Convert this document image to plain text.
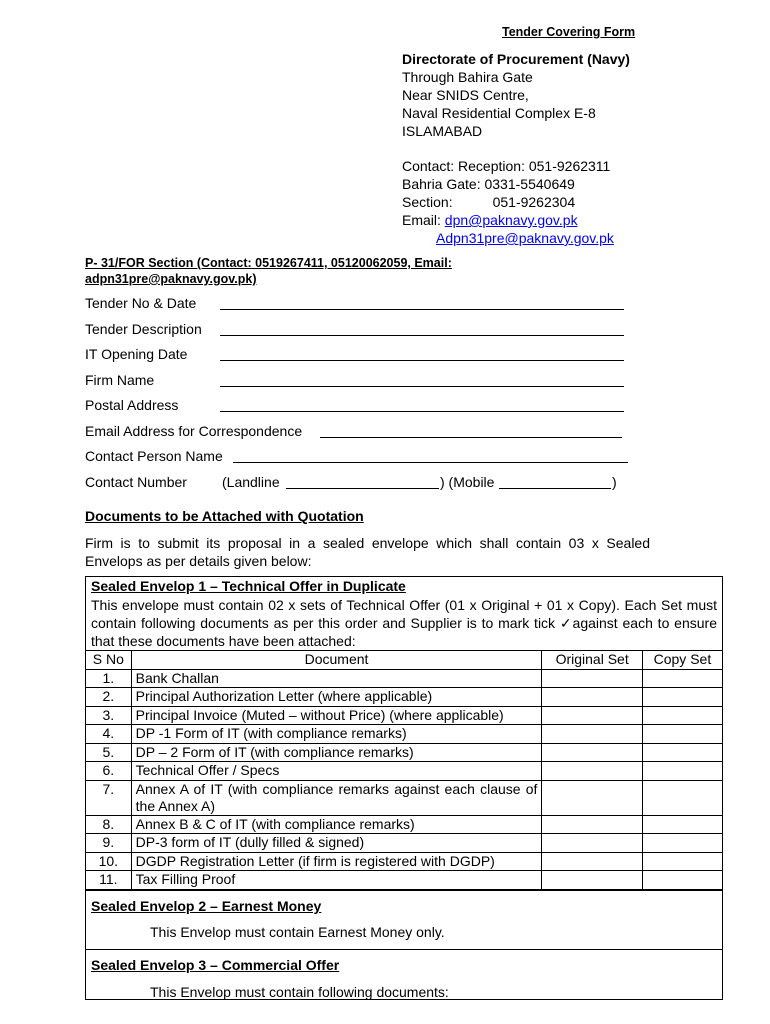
Tender Covering Form
Directorate of Procurement (Navy)
Through Bahira Gate
Near SNIDS Centre,
Naval Residential Complex E-8
ISLAMABAD
Contact: Reception: 051-9262311
Bahria Gate: 0331-5540649
Section:	051-9262304
Email: dpn@paknavy.gov.pk
Adpn31pre@paknavy.gov.pk
P- 31/FOR Section (Contact: 0519267411, 05120062059, Email: adpn31pre@paknavy.gov.pk)
Tender No & Date
Tender Description
IT Opening Date
Firm Name
Postal Address
Email Address for Correspondence
Contact Person Name
Contact Number	(Landline	) (Mobile	)
Documents to be Attached with Quotation
Firm is to submit its proposal in a sealed envelope which shall contain 03 x Sealed Envelops as per details given below:
Sealed Envelop 1 – Technical Offer in Duplicate
This envelope must contain 02 x sets of Technical Offer (01 x Original + 01 x Copy). Each Set must contain following documents as per this order and Supplier is to mark tick ✓against each to ensure that these documents have been attached:
S No	Document	Original Set	Copy Set
1.	Bank Challan		
2.	Principal Authorization Letter (where applicable)		
3.	Principal Invoice (Muted – without Price) (where applicable)		
4.	DP -1 Form of IT (with compliance remarks)		
5.	DP – 2 Form of IT (with compliance remarks)		
6.	Technical Offer / Specs		
7.	Annex A of IT (with compliance remarks against each clause of the Annex A)		
8.	Annex B & C of IT (with compliance remarks)		
9.	DP-3 form of IT (dully filled & signed)		
10.	DGDP Registration Letter (if firm is registered with DGDP)		
11.	Tax Filling Proof		
Sealed Envelop 2 – Earnest Money
This Envelop must contain Earnest Money only.
Sealed Envelop 3 – Commercial Offer
This Envelop must contain following documents:
